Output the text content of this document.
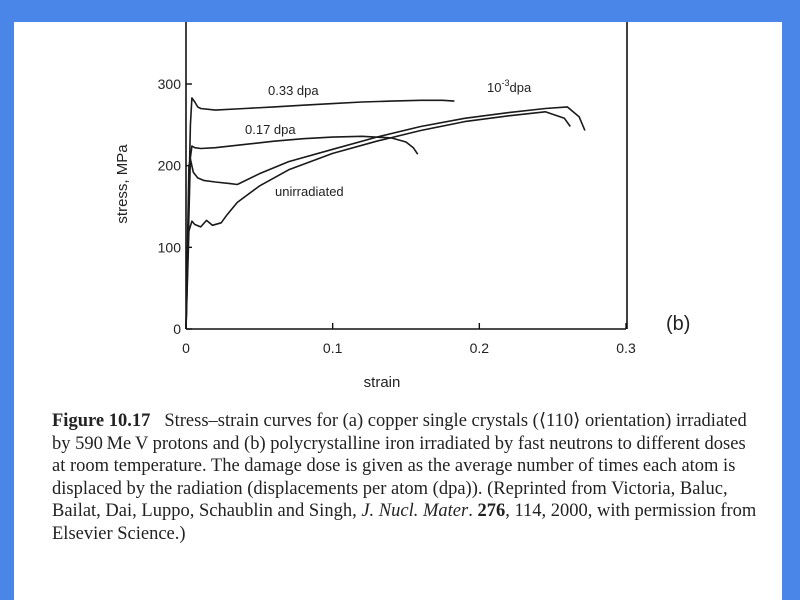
0	0.1	0.2	0.3
0
100
200
300
stress, MPa
strain
(b)
0.33 dpa
0.17 dpa
unirradiated
$10^{-3}dpa$
Figure 10.17 Stress–strain curves for (a) copper single crystals (⟨110⟩ orientation) irradiated by 590 Me V protons and (b) polycrystalline iron irradiated by fast neutrons to different doses at room temperature. The damage dose is given as the average number of times each atom is displaced by the radiation (displacements per atom (dpa)). (Reprinted from Victoria, Baluc, Bailat, Dai, Luppo, Schaublin and Singh, J. Nucl. Mater. 276, 114, 2000, with permission from Elsevier Science.)
